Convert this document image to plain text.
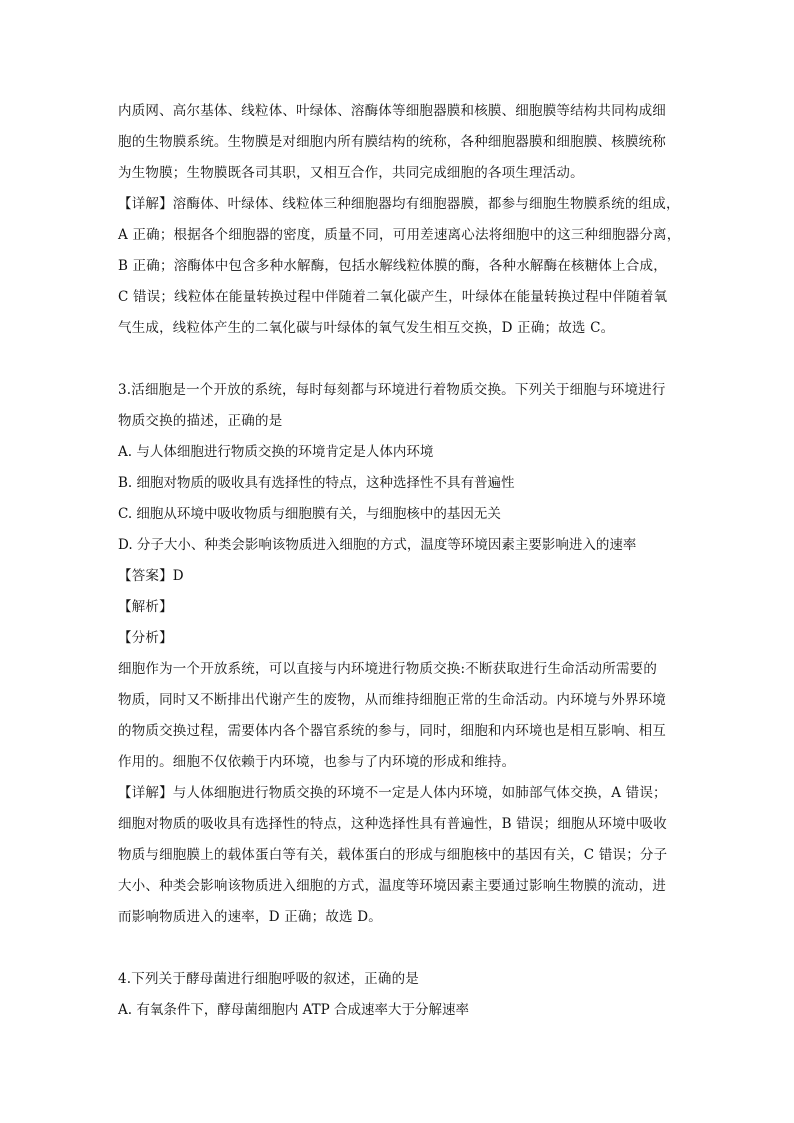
内质网、高尔基体、线粒体、叶绿体、溶酶体等细胞器膜和核膜、细胞膜等结构共同构成细
胞的生物膜系统。生物膜是对细胞内所有膜结构的统称，各种细胞器膜和细胞膜、核膜统称
为生物膜；生物膜既各司其职，又相互合作，共同完成细胞的各项生理活动。
【详解】溶酶体、叶绿体、线粒体三种细胞器均有细胞器膜，都参与细胞生物膜系统的组成，
A 正确；根据各个细胞器的密度，质量不同，可用差速离心法将细胞中的这三种细胞器分离，
B 正确；溶酶体中包含多种水解酶，包括水解线粒体膜的酶，各种水解酶在核糖体上合成，
C 错误；线粒体在能量转换过程中伴随着二氧化碳产生，叶绿体在能量转换过程中伴随着氧
气生成，线粒体产生的二氧化碳与叶绿体的氧气发生相互交换，D 正确；故选 C。
3.活细胞是一个开放的系统，每时每刻都与环境进行着物质交换。下列关于细胞与环境进行
物质交换的描述，正确的是
A. 与人体细胞进行物质交换的环境肯定是人体内环境
B. 细胞对物质的吸收具有选择性的特点，这种选择性不具有普遍性
C. 细胞从环境中吸收物质与细胞膜有关，与细胞核中的基因无关
D. 分子大小、种类会影响该物质进入细胞的方式，温度等环境因素主要影响进入的速率
【答案】D
【解析】
【分析】
细胞作为一个开放系统，可以直接与内环境进行物质交换:不断获取进行生命活动所需要的
物质，同时又不断排出代谢产生的废物，从而维持细胞正常的生命活动。内环境与外界环境
的物质交换过程，需要体内各个器官系统的参与，同时，细胞和内环境也是相互影响、相互
作用的。细胞不仅依赖于内环境，也参与了内环境的形成和维持。
【详解】与人体细胞进行物质交换的环境不一定是人体内环境，如肺部气体交换，A 错误；
细胞对物质的吸收具有选择性的特点，这种选择性具有普遍性，B 错误；细胞从环境中吸收
物质与细胞膜上的载体蛋白等有关，载体蛋白的形成与细胞核中的基因有关，C 错误；分子
大小、种类会影响该物质进入细胞的方式，温度等环境因素主要通过影响生物膜的流动，进
而影响物质进入的速率，D 正确；故选 D。
4.下列关于酵母菌进行细胞呼吸的叙述，正确的是
A. 有氧条件下，酵母菌细胞内 ATP 合成速率大于分解速率
